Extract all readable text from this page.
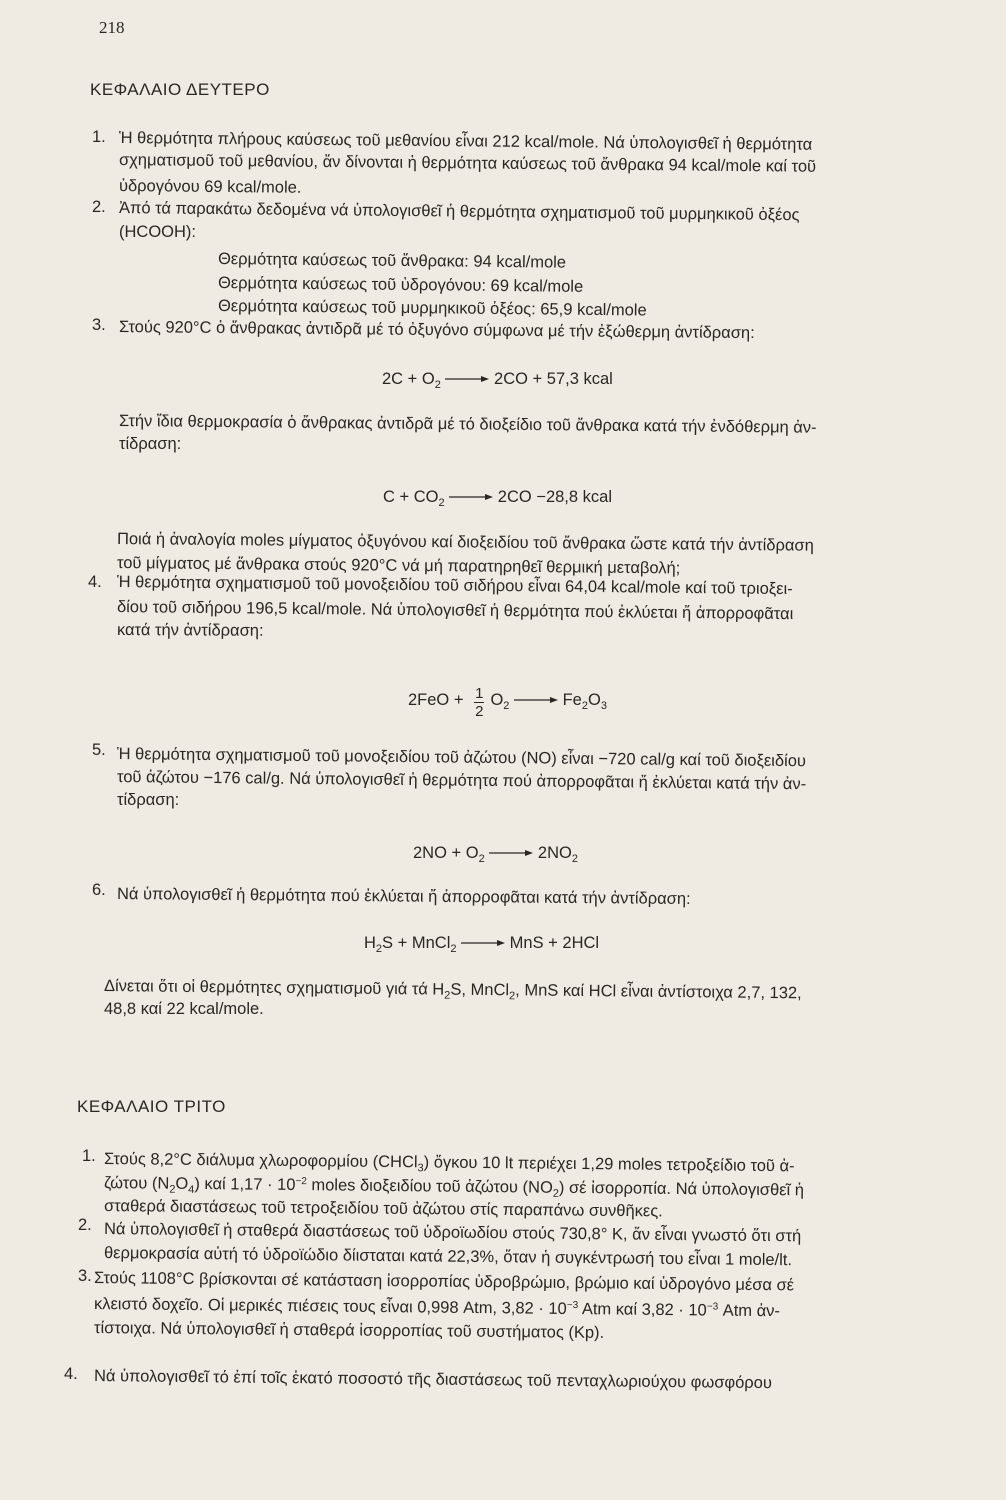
218
ΚΕΦΑΛΑΙΟ ΔΕΥΤΕΡΟ
1. Ἡ θερμότητα πλήρους καύσεως τοῦ μεθανίου εἶναι 212 kcal/mole. Νά ὑπολογισθεῖ ἡ θερμότητα
σχηματισμοῦ τοῦ μεθανίου, ἄν δίνονται ἡ θερμότητα καύσεως τοῦ ἄνθρακα 94 kcal/mole καί τοῦ
ὑδρογόνου 69 kcal/mole.
2. Ἀπό τά παρακάτω δεδομένα νά ὑπολογισθεῖ ἡ θερμότητα σχηματισμοῦ τοῦ μυρμηκικοῦ ὀξέος
(HCOOH):
Θερμότητα καύσεως τοῦ ἄνθρακα: 94 kcal/mole
Θερμότητα καύσεως τοῦ ὑδρογόνου: 69 kcal/mole
Θερμότητα καύσεως τοῦ μυρμηκικοῦ ὀξέος: 65,9 kcal/mole
3. Στούς 920°C ὁ ἄνθρακας ἀντιδρᾶ μέ τό ὀξυγόνο σύμφωνα μέ τήν ἐξώθερμη ἀντίδραση:
$2C + O_2 \to 2CO + 57,3$ kcal
Στήν ἴδια θερμοκρασία ὁ ἄνθρακας ἀντιδρᾶ μέ τό διοξείδιο τοῦ ἄνθρακα κατά τήν ἐνδόθερμη ἀν-
τίδραση:
$C + CO_2 \to 2CO -28,8$ kcal
Ποιά ἡ ἀναλογία moles μίγματος ὀξυγόνου καί διοξειδίου τοῦ ἄνθρακα ὥστε κατά τήν ἀντίδραση
τοῦ μίγματος μέ ἄνθρακα στούς 920°C νά μή παρατηρηθεῖ θερμική μεταβολή;
4. Ἡ θερμότητα σχηματισμοῦ τοῦ μονοξειδίου τοῦ σιδήρου εἶναι 64,04 kcal/mole καί τοῦ τριοξει-
δίου τοῦ σιδήρου 196,5 kcal/mole. Νά ὑπολογισθεῖ ἡ θερμότητα πού ἐκλύεται ἤ ἀπορροφᾶται
κατά τήν ἀντίδραση:
$2FeO + \frac{1}{2} O_2 \to Fe_2O_3$
5. Ἡ θερμότητα σχηματισμοῦ τοῦ μονοξειδίου τοῦ ἀζώτου (NO) εἶναι −720 cal/g καί τοῦ διοξειδίου
τοῦ ἀζώτου −176 cal/g. Νά ὑπολογισθεῖ ἡ θερμότητα πού ἀπορροφᾶται ἤ ἐκλύεται κατά τήν ἀν-
τίδραση:
$2NO + O_2 \to 2NO_2$
6. Νά ὑπολογισθεῖ ἡ θερμότητα πού ἐκλύεται ἤ ἀπορροφᾶται κατά τήν ἀντίδραση:
$H_2S$ + MnCl$_2$ → MnS + 2HCl
Δίνεται ὅτι οἱ θερμότητες σχηματισμοῦ γιά τά $H_2S$, MnCl$_2$, MnS καί HCl εἶναι ἀντίστοιχα 2,7, 132,
48,8 καί 22 kcal/mole.
ΚΕΦΑΛΑΙΟ ΤΡΙΤΟ
1. Στούς 8,2°C διάλυμα χλωροφορμίου (CHCl$_3$) ὄγκου 10 lt περιέχει 1,29 moles τετροξείδιο τοῦ ἀ-
ζώτου $(N_2O_4)$ καί $1,17 \cdot 10^{-2}$ moles διοξειδίου τοῦ ἀζώτου $(NO_2)$ σέ ἰσορροπία. Νά ὑπολογισθεῖ ἡ
σταθερά διαστάσεως τοῦ τετροξειδίου τοῦ ἀζώτου στίς παραπάνω συνθῆκες.
2. Νά ὑπολογισθεῖ ἡ σταθερά διαστάσεως τοῦ ὑδροϊωδίου στούς 730,8° K, ἄν εἶναι γνωστό ὅτι στή
θερμοκρασία αὐτή τό ὑδροϊώδιο δίισταται κατά 22,3%, ὅταν ἡ συγκέντρωσή του εἶναι 1 mole/lt.
3. Στούς 1108°C βρίσκονται σέ κατάσταση ἰσορροπίας ὑδροβρώμιο, βρώμιο καί ὑδρογόνο μέσα σέ
κλειστό δοχεῖο. Οἱ μερικές πιέσεις τους εἶναι 0,998 Atm, $3,82 \cdot 10^{-3}$ Atm καί $3,82 \cdot 10^{-3}$ Atm ἀν-
τίστοιχα. Νά ὑπολογισθεῖ ἡ σταθερά ἰσορροπίας τοῦ συστήματος (Kp).
4. Νά ὑπολογισθεῖ τό ἐπί τοῖς ἑκατό ποσοστό τῆς διαστάσεως τοῦ πενταχλωριούχου φωσφόρου
